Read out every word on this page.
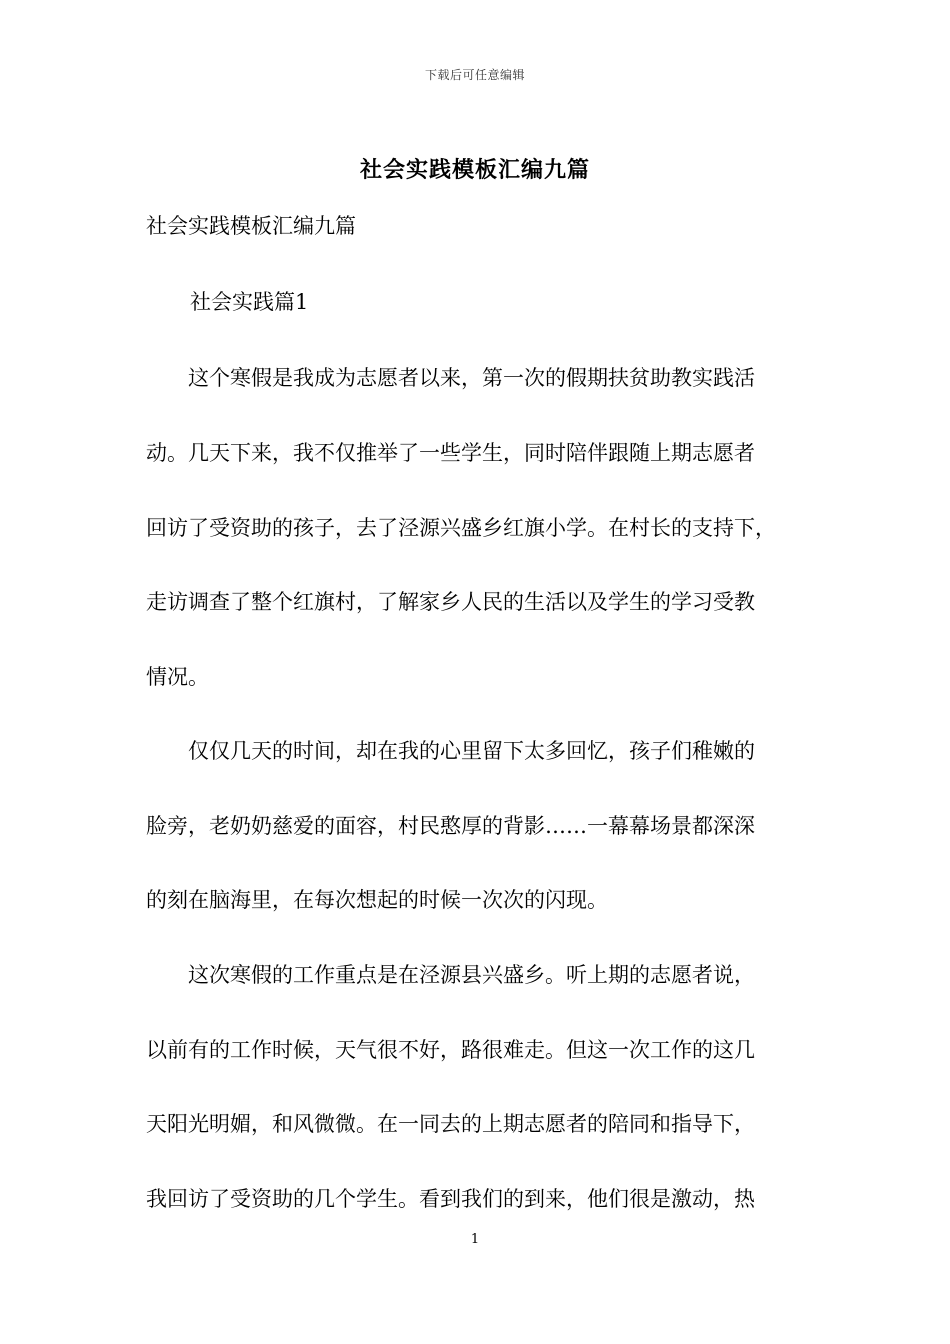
下载后可任意编辑
社会实践模板汇编九篇
社会实践模板汇编九篇
社会实践篇1
　　这个寒假是我成为志愿者以来，第一次的假期扶贫助教实践活
动。几天下来，我不仅推举了一些学生，同时陪伴跟随上期志愿者
回访了受资助的孩子，去了泾源兴盛乡红旗小学。在村长的支持下，
走访调查了整个红旗村，了解家乡人民的生活以及学生的学习受教
情况。
　　仅仅几天的时间，却在我的心里留下太多回忆，孩子们稚嫩的
脸旁，老奶奶慈爱的面容，村民憨厚的背影……一幕幕场景都深深
的刻在脑海里，在每次想起的时候一次次的闪现。
　　这次寒假的工作重点是在泾源县兴盛乡。听上期的志愿者说，
以前有的工作时候，天气很不好，路很难走。但这一次工作的这几
天阳光明媚，和风微微。在一同去的上期志愿者的陪同和指导下，
我回访了受资助的几个学生。看到我们的到来，他们很是激动，热
1
